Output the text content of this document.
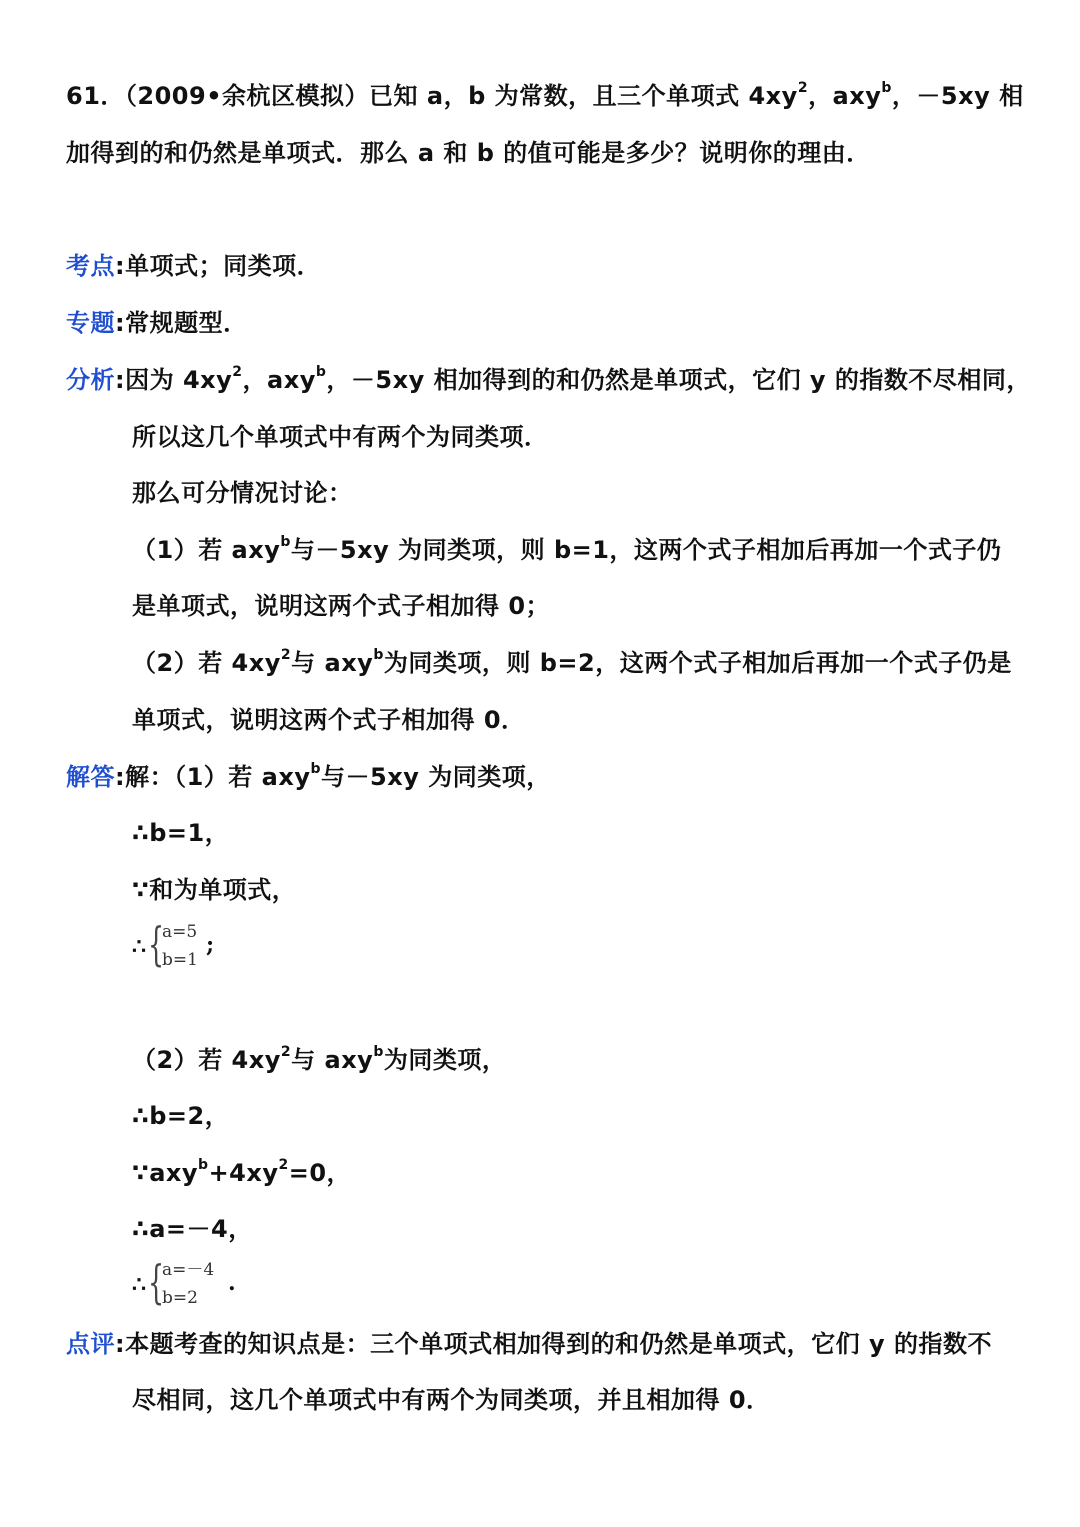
61．（2009•余杭区模拟）已知 a，b 为常数，且三个单项式 $4xy^2$，axy$^b$，－5xy 相
加得到的和仍然是单项式．那么 a 和 b 的值可能是多少？说明你的理由．
考点:单项式；同类项．
专题:常规题型．
分析:因为 $4xy^2$，axy$^b$，－5xy 相加得到的和仍然是单项式，它们 y 的指数不尽相同，
所以这几个单项式中有两个为同类项．
那么可分情况讨论：
（1）若 axy$^b$与－5xy 为同类项，则 b=1，这两个式子相加后再加一个式子仍
是单项式，说明这两个式子相加得 0；
（2）若 $4xy^2$与 axy$^b$为同类项，则 b=2，这两个式子相加后再加一个式子仍是
单项式，说明这两个式子相加得 0．
解答:解：（1）若 axy$^b$与－5xy 为同类项，
∴b=1，
∵和为单项式，
∴ {
a=5
b=1
;
（2）若 $4xy^2$与 axy$^b$为同类项，
∴b=2，
$\because axy^b+4xy^2=0$，
∴a=－4，
∴ {
a=－4
b=2
.
点评:本题考查的知识点是：三个单项式相加得到的和仍然是单项式，它们 y 的指数不
尽相同，这几个单项式中有两个为同类项，并且相加得 0．
